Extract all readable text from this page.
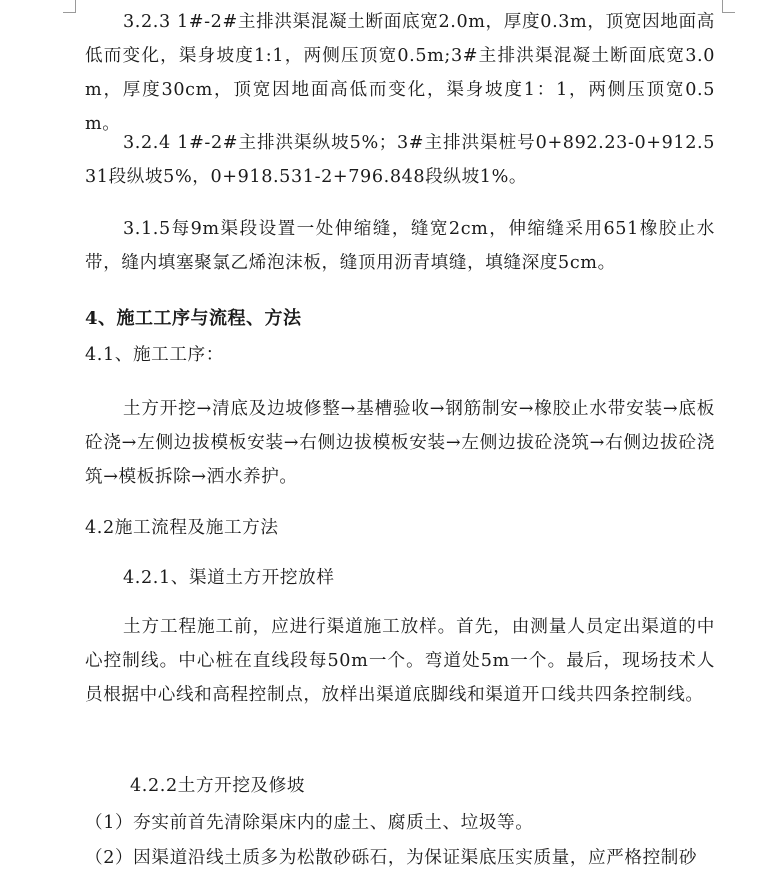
3.2.3 1#-2#主排洪渠混凝土断面底宽2.0m，厚度0.3m，顶宽因地面高低而变化，渠身坡度1:1，两侧压顶宽0.5m;3#主排洪渠混凝土断面底宽3.0m，厚度30cm，顶宽因地面高低而变化，渠身坡度1：1，两侧压顶宽0.5m。

3.2.4 1#-2#主排洪渠纵坡5%；3#主排洪渠桩号0+892.23-0+912.531段纵坡5%，0+918.531-2+796.848段纵坡1%。

3.1.5每9m渠段设置一处伸缩缝，缝宽2cm，伸缩缝采用651橡胶止水带，缝内填塞聚氯乙烯泡沫板，缝顶用沥青填缝，填缝深度5cm。

4、施工工序与流程、方法

4.1、施工工序：

土方开挖→清底及边坡修整→基槽验收→钢筋制安→橡胶止水带安装→底板砼浇→左侧边拔模板安装→右侧边拔模板安装→左侧边拔砼浇筑→右侧边拔砼浇筑→模板拆除→洒水养护。

4.2施工流程及施工方法

4.2.1、渠道土方开挖放样

土方工程施工前，应进行渠道施工放样。首先，由测量人员定出渠道的中心控制线。中心桩在直线段每50m一个。弯道处5m一个。最后，现场技术人员根据中心线和高程控制点，放样出渠道底脚线和渠道开口线共四条控制线。

4.2.2土方开挖及修坡

（1）夯实前首先清除渠床内的虚土、腐质土、垃圾等。

（2）因渠道沿线土质多为松散砂砾石，为保证渠底压实质量，应严格控制砂
